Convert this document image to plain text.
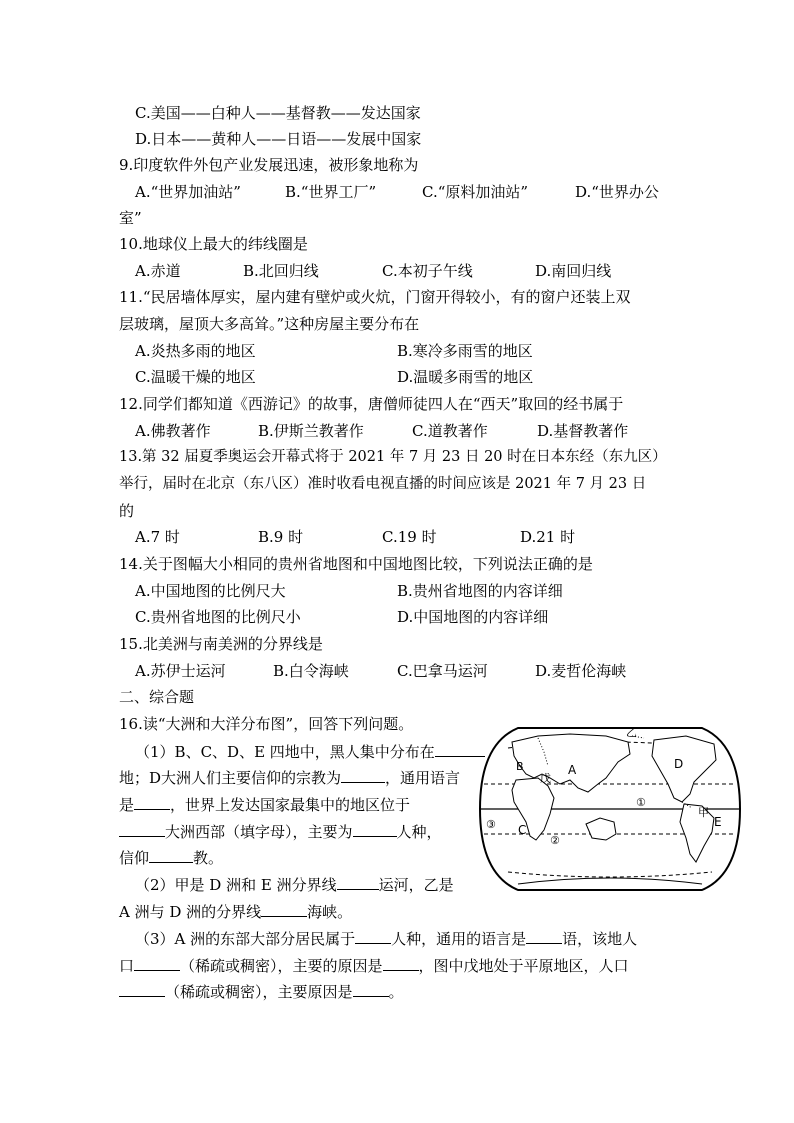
C.美国——白种人——基督教——发达国家
D.日本——黄种人——日语——发展中国家
9.印度软件外包产业发展迅速，被形象地称为
A.“世界加油站”	B.“世界工厂”	C.“原料加油站”	D.“世界办公
室”
10.地球仪上最大的纬线圈是
A.赤道	B.北回归线	C.本初子午线	D.南回归线
11.“民居墙体厚实，屋内建有壁炉或火炕，门窗开得较小，有的窗户还装上双
层玻璃，屋顶大多高耸。”这种房屋主要分布在
A.炎热多雨的地区	B.寒冷多雨雪的地区
C.温暖干燥的地区	D.温暖多雨雪的地区
12.同学们都知道《西游记》的故事，唐僧师徒四人在“西天”取回的经书属于
A.佛教著作	B.伊斯兰教著作	C.道教著作	D.基督教著作
13.第 32 届夏季奥运会开幕式将于 2021 年 7 月 23 日 20 时在日本东经（东九区）
举行，届时在北京（东八区）准时收看电视直播的时间应该是 2021 年 7 月 23 日
的
A.7 时	B.9 时	C.19 时	D.21 时
14.关于图幅大小相同的贵州省地图和中国地图比较，下列说法正确的是
A.中国地图的比例尺大	B.贵州省地图的内容详细
C.贵州省地图的比例尺小	D.中国地图的内容详细
15.北美洲与南美洲的分界线是
A.苏伊士运河	B.白令海峡	C.巴拿马运河	D.麦哲伦海峡
二、综合题
16.读“大洲和大洋分布图”，回答下列问题。
（1）B、C、D、E 四地中，黑人集中分布在
地；D大洲人们主要信仰的宗教为	，通用语言
是 ，世界上发达国家最集中的地区位于
大洲西部（填字母），主要为	人种，
信仰	教。
（2）甲是 D 洲和 E 洲分界线	运河，乙是
A 洲与 D 洲的分界线	海峡。
（3）A 洲的东部大部分居民属于 人种，通用的语言是 语，该地人
口	（稀疏或稠密），主要的原因是 ，图中戊地处于平原地区，人口
（稀疏或稠密），主要原因是 。
乙
A
戊
B	D
甲
C
E
①
②
③
